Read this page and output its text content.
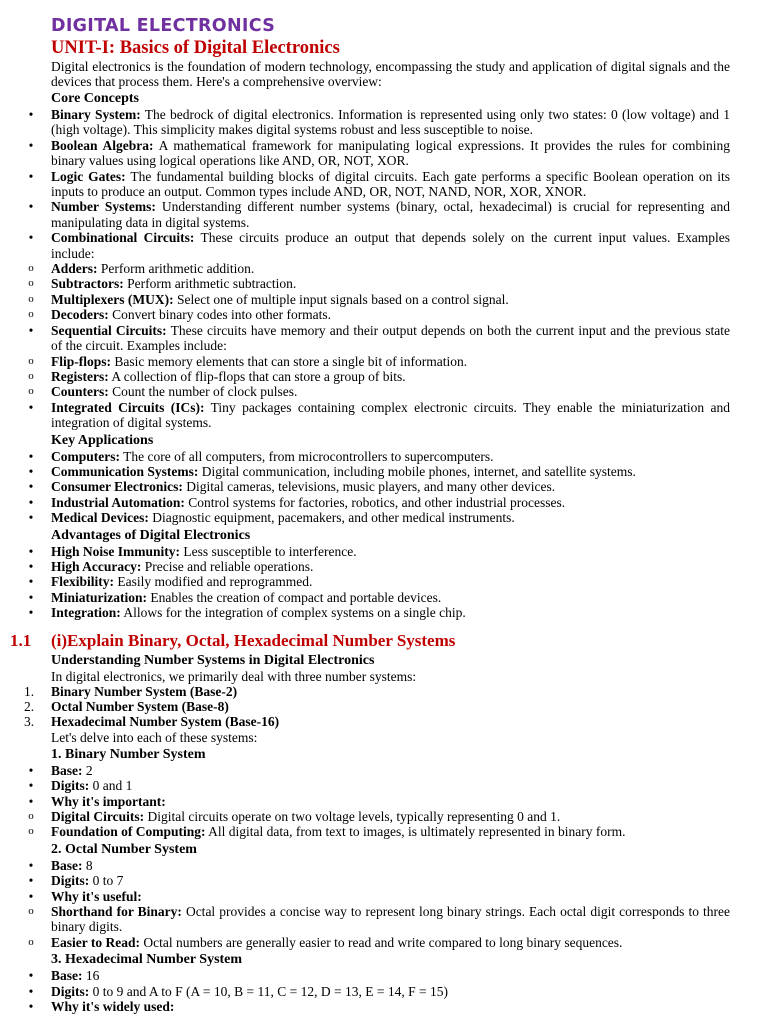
DIGITAL ELECTRONICS
UNIT-I: Basics of Digital Electronics

Digital electronics is the foundation of modern technology, encompassing the study and application of digital signals and the devices that process them. Here's a comprehensive overview:

Core Concepts
•	Binary System: The bedrock of digital electronics. Information is represented using only two states: 0 (low voltage) and 1 (high voltage). This simplicity makes digital systems robust and less susceptible to noise.
•	Boolean Algebra: A mathematical framework for manipulating logical expressions. It provides the rules for combining binary values using logical operations like AND, OR, NOT, XOR.
•	Logic Gates: The fundamental building blocks of digital circuits. Each gate performs a specific Boolean operation on its inputs to produce an output. Common types include AND, OR, NOT, NAND, NOR, XOR, XNOR.
•	Number Systems: Understanding different number systems (binary, octal, hexadecimal) is crucial for representing and manipulating data in digital systems.
•	Combinational Circuits: These circuits produce an output that depends solely on the current input values. Examples include:
o	Adders: Perform arithmetic addition.
o	Subtractors: Perform arithmetic subtraction.
o	Multiplexers (MUX): Select one of multiple input signals based on a control signal.
o	Decoders: Convert binary codes into other formats.
•	Sequential Circuits: These circuits have memory and their output depends on both the current input and the previous state of the circuit. Examples include:
o	Flip-flops: Basic memory elements that can store a single bit of information.
o	Registers: A collection of flip-flops that can store a group of bits.
o	Counters: Count the number of clock pulses.
•	Integrated Circuits (ICs): Tiny packages containing complex electronic circuits. They enable the miniaturization and integration of digital systems.
Key Applications
•	Computers: The core of all computers, from microcontrollers to supercomputers.
•	Communication Systems: Digital communication, including mobile phones, internet, and satellite systems.
•	Consumer Electronics: Digital cameras, televisions, music players, and many other devices.
•	Industrial Automation: Control systems for factories, robotics, and other industrial processes.
•	Medical Devices: Diagnostic equipment, pacemakers, and other medical instruments.
Advantages of Digital Electronics
•	High Noise Immunity: Less susceptible to interference.
•	High Accuracy: Precise and reliable operations.
•	Flexibility: Easily modified and reprogrammed.
•	Miniaturization: Enables the creation of compact and portable devices.
•	Integration: Allows for the integration of complex systems on a single chip.
1.1 (i)Explain Binary, Octal, Hexadecimal Number Systems
Understanding Number Systems in Digital Electronics

In digital electronics, we primarily deal with three number systems:

1. Binary Number System (Base-2)
2. Octal Number System (Base-8)
3. Hexadecimal Number System (Base-16)

Let's delve into each of these systems:

1. Binary Number System
•	Base: 2
•	Digits: 0 and 1
•	Why it's important:
o	Digital Circuits: Digital circuits operate on two voltage levels, typically representing 0 and 1.
o	Foundation of Computing: All digital data, from text to images, is ultimately represented in binary form.
2. Octal Number System
•	Base: 8
•	Digits: 0 to 7
•	Why it's useful:
o	Shorthand for Binary: Octal provides a concise way to represent long binary strings. Each octal digit corresponds to three binary digits.
o	Easier to Read: Octal numbers are generally easier to read and write compared to long binary sequences.
3. Hexadecimal Number System
•	Base: 16
•	Digits: 0 to 9 and A to F (A = 10, B = 11, C = 12, D = 13, E = 14, F = 15)
•	Why it's widely used:
